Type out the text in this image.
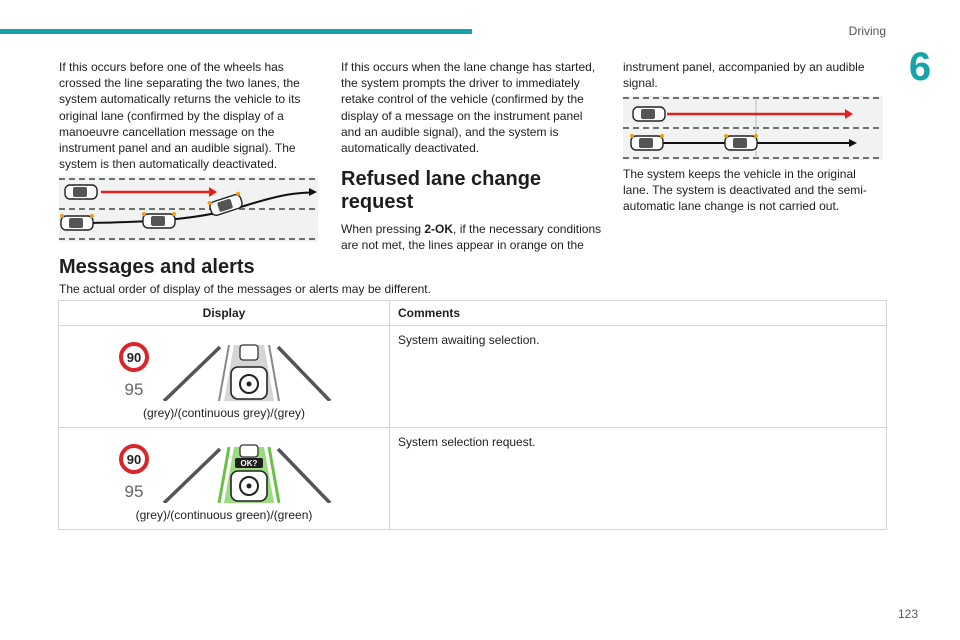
Driving
6

If this occurs before one of the wheels has crossed the line separating the two lanes, the system automatically returns the vehicle to its original lane (confirmed by the display of a manoeuvre cancellation message on the instrument panel and an audible signal). The system is then automatically deactivated.

If this occurs when the lane change has started, the system prompts the driver to immediately retake control of the vehicle (confirmed by the display of a message on the instrument panel and an audible signal), and the system is automatically deactivated.

Refused lane change request

When pressing 2-OK, if the necessary conditions are not met, the lines appear in orange on the

instrument panel, accompanied by an audible signal.

The system keeps the vehicle in the original lane. The system is deactivated and the semi-automatic lane change is not carried out.

Messages and alerts
The actual order of display of the messages or alerts may be different.
Display	Comments

90
95
(grey)/(continuous grey)/(grey)	System awaiting selection.

90
95
OK?
(grey)/(continuous green)/(green)	System selection request.
123
